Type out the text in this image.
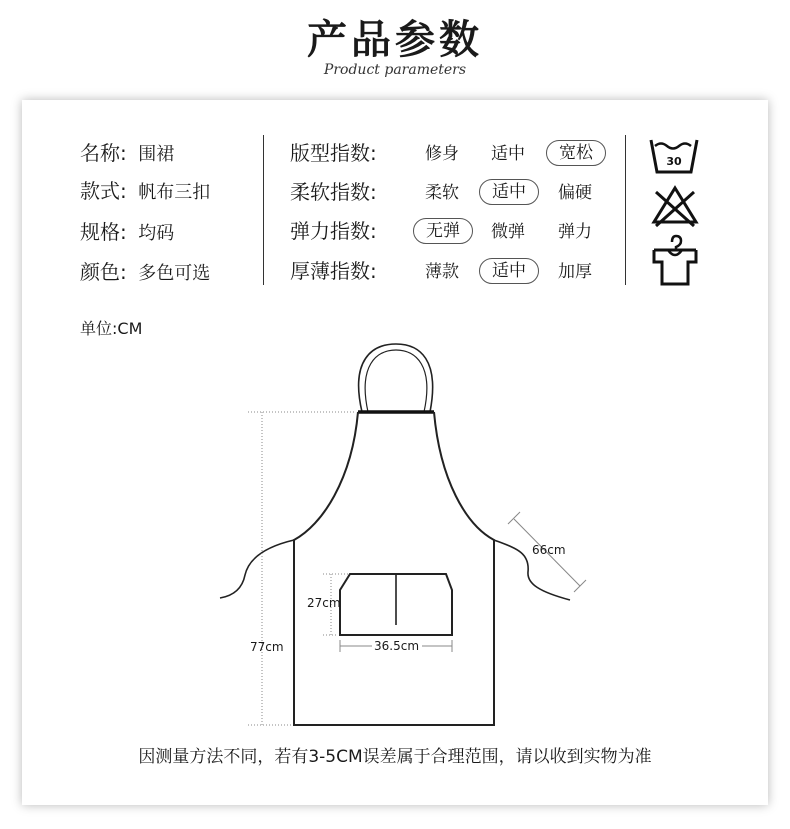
产品参数
Product parameters
名称: 围裙
款式: 帆布三扣
规格: 均码
颜色: 多色可选
版型指数:	修身	适中	宽松
柔软指数:	柔软	适中	偏硬
弹力指数:	无弹	微弹	弹力
厚薄指数:	薄款	适中	加厚
30
单位:CM
27cm
36.5cm
77cm
66cm
因测量方法不同，若有3-5CM误差属于合理范围，请以收到实物为准
